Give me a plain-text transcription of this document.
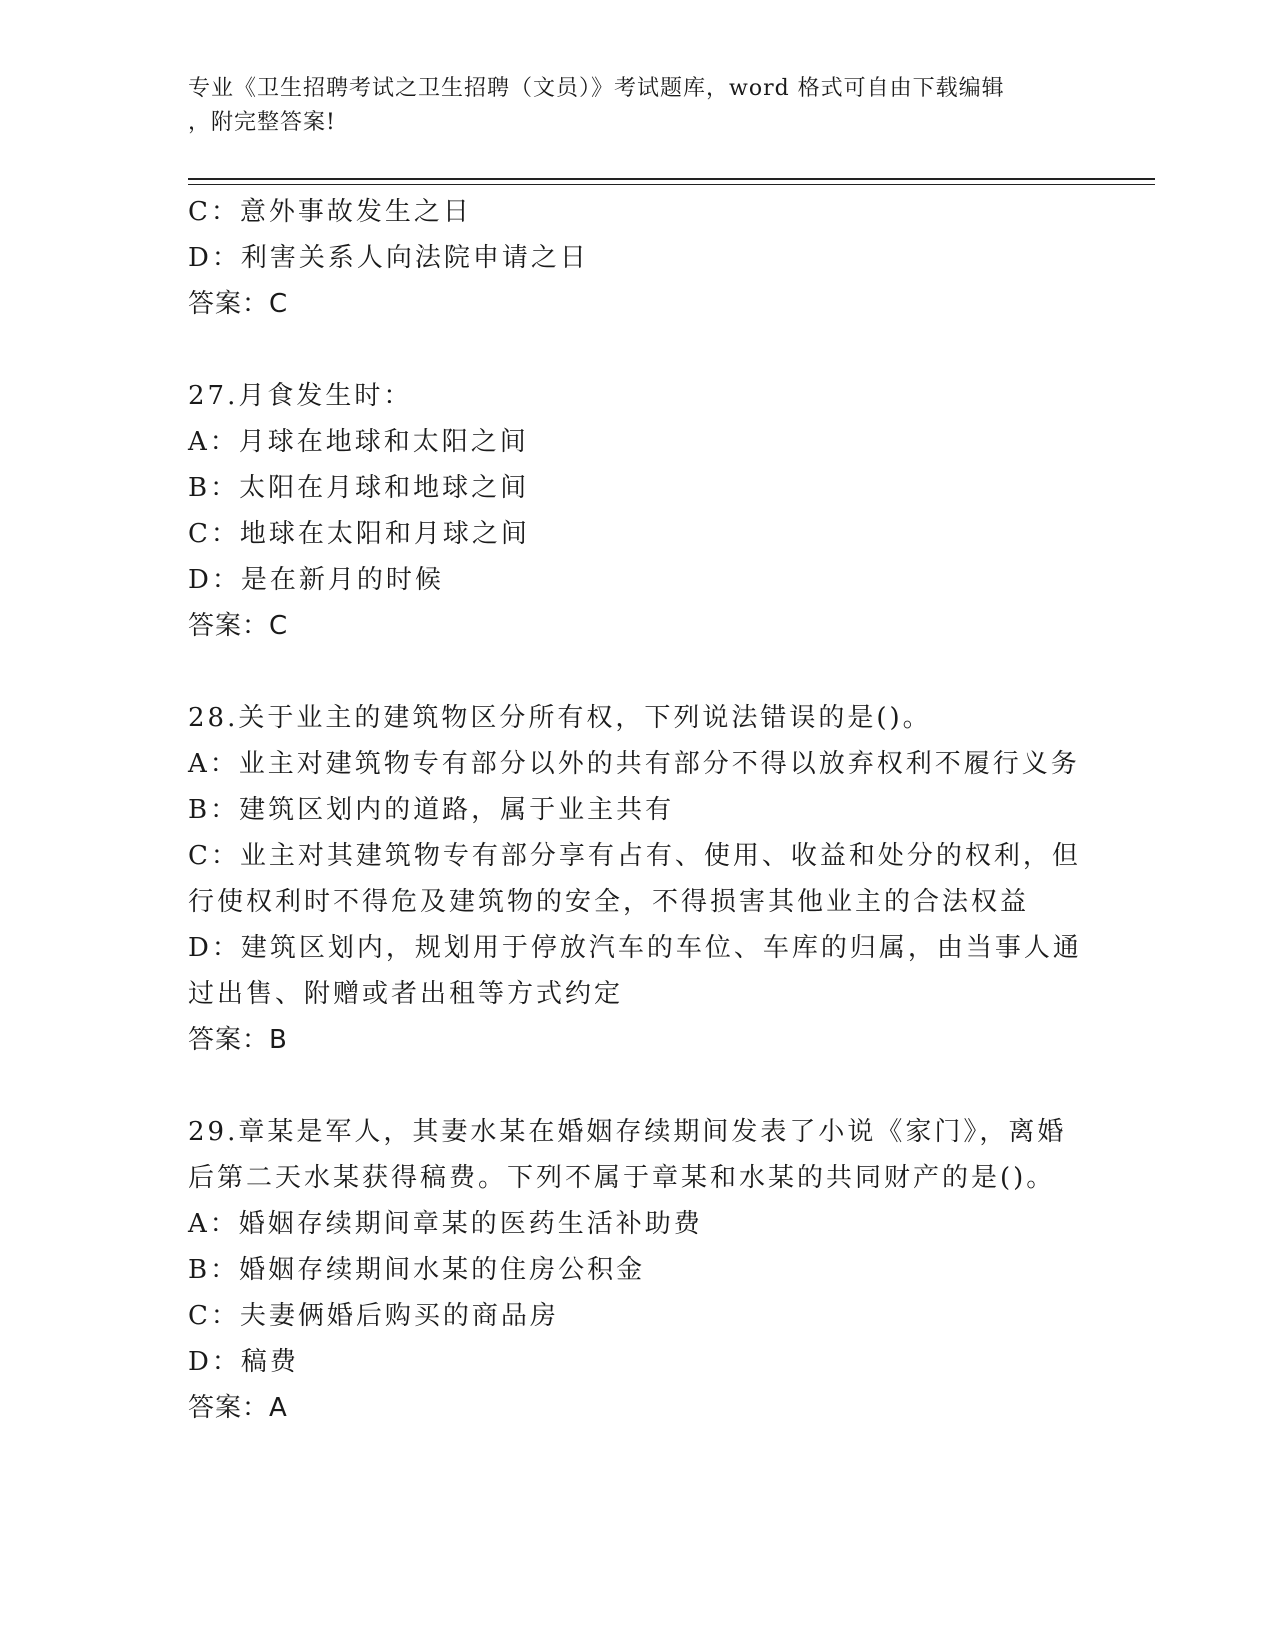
专业《卫生招聘考试之卫生招聘（文员）》考试题库，word 格式可自由下载编辑
，附完整答案!
C：意外事故发生之日
D：利害关系人向法院申请之日
答案：C
27.月食发生时：
A：月球在地球和太阳之间
B：太阳在月球和地球之间
C：地球在太阳和月球之间
D：是在新月的时候
答案：C
28.关于业主的建筑物区分所有权，下列说法错误的是()。
A：业主对建筑物专有部分以外的共有部分不得以放弃权利不履行义务
B：建筑区划内的道路，属于业主共有
C：业主对其建筑物专有部分享有占有、使用、收益和处分的权利，但
行使权利时不得危及建筑物的安全，不得损害其他业主的合法权益
D：建筑区划内，规划用于停放汽车的车位、车库的归属，由当事人通
过出售、附赠或者出租等方式约定
答案：B
29.章某是军人，其妻水某在婚姻存续期间发表了小说《家门》，离婚
后第二天水某获得稿费。下列不属于章某和水某的共同财产的是()。
A：婚姻存续期间章某的医药生活补助费
B：婚姻存续期间水某的住房公积金
C：夫妻俩婚后购买的商品房
D：稿费
答案：A
